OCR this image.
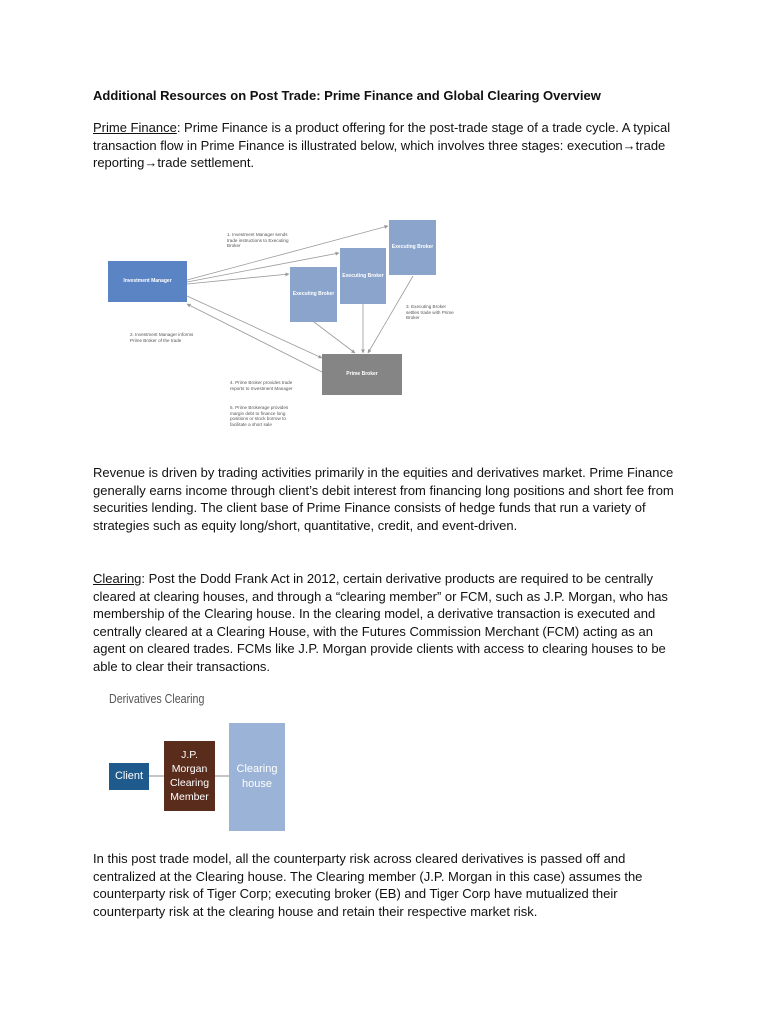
Additional Resources on Post Trade: Prime Finance and Global Clearing Overview

Prime Finance: Prime Finance is a product offering for the post-trade stage of a trade cycle. A typical transaction flow in Prime Finance is illustrated below, which involves three stages: execution→trade reporting→trade settlement.

Investment Manager
Executing Broker
Executing Broker
Executing Broker
Prime Broker
1. Investment Manager sends trade instructions to Executing Broker
2. Investment Manager informs Prime Broker of the trade
3. Executing Broker settles trade with Prime Broker
4. Prime Broker provides trade reports to Investment Manager
5. Prime Brokerage provides margin debt to finance long positions or stock borrow to facilitate a short sale

Revenue is driven by trading activities primarily in the equities and derivatives market. Prime Finance generally earns income through client’s debit interest from financing long positions and short fee from securities lending. The client base of Prime Finance consists of hedge funds that run a variety of strategies such as equity long/short, quantitative, credit, and event-driven.

Clearing: Post the Dodd Frank Act in 2012, certain derivative products are required to be centrally cleared at clearing houses, and through a “clearing member” or FCM, such as J.P. Morgan, who has membership of the Clearing house. In the clearing model, a derivative transaction is executed and centrally cleared at a Clearing House, with the Futures Commission Merchant (FCM) acting as an agent on cleared trades. FCMs like J.P. Morgan provide clients with access to clearing houses to be able to clear their transactions.

Derivatives Clearing
Client
J.P. Morgan Clearing Member
Clearing house

In this post trade model, all the counterparty risk across cleared derivatives is passed off and centralized at the Clearing house. The Clearing member (J.P. Morgan in this case) assumes the counterparty risk of Tiger Corp; executing broker (EB) and Tiger Corp have mutualized their counterparty risk at the clearing house and retain their respective market risk.
